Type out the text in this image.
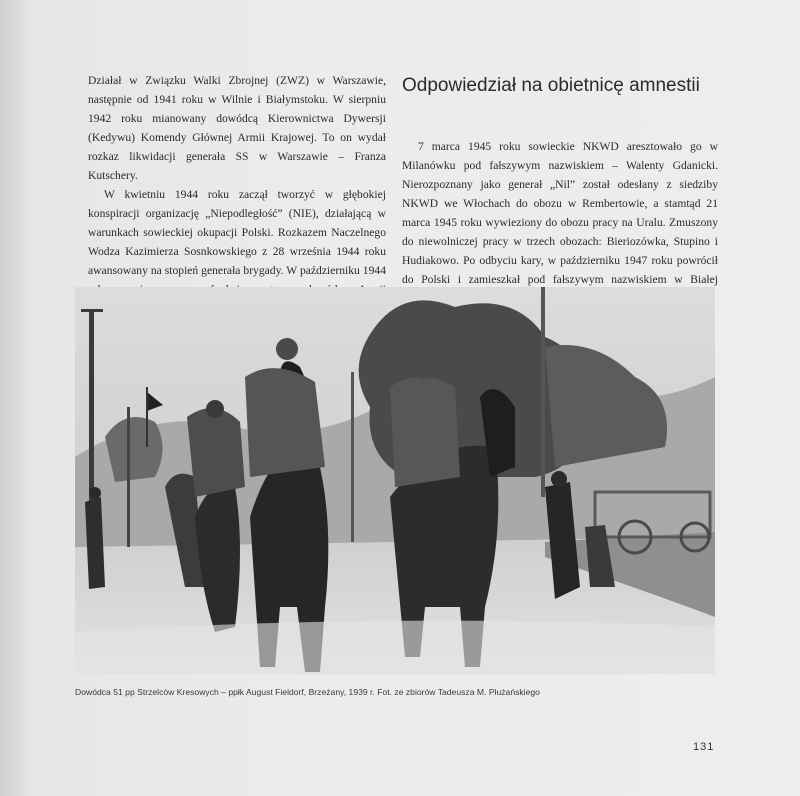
Działał w Związku Walki Zbrojnej (ZWZ) w Warszawie, następnie od 1941 roku w Wilnie i Białymstoku. W sierpniu 1942 roku mianowany dowódcą Kierownictwa Dywersji (Kedywu) Komendy Głównej Armii Krajowej. To on wydał rozkaz likwidacji generała SS w Warszawie – Franza Kutschery.

W kwietniu 1944 roku zaczął tworzyć w głębokiej konspiracji organizację „Niepodległość” (NIE), działającą w warunkach sowieckiej okupacji Polski. Rozkazem Naczelnego Wodza Kazimierza Sosnkowskiego z 28 września 1944 roku awansowany na stopień generała brygady. W październiku 1944

Odpowiedział na obietnicę amnestii

7 marca 1945 roku sowieckie NKWD aresztowało go w Milanówku pod fałszywym nazwiskiem – Walenty Gdanicki. Nierozpoznany jako generał „Nil” został odesłany z siedziby NKWD we Włochach do obozu w Rembertowie, a stamtąd 21 marca 1945 roku wywieziony do obozu pracy na Uralu. Zmuszony do niewolniczej pracy w trzech obozach: Bieriozówka, Stupino i Hudiakowo. Po odbyciu kary, w październiku 1947 roku powrócił do Polski i zamieszkał pod fałszywym nazwiskiem w Białej

Dowódca 51 pp Strzelców Kresowych – ppłk August Fieldorf, Brzeżany, 1939 r. Fot. ze zbiorów Tadeusza M. Płużańskiego
131
